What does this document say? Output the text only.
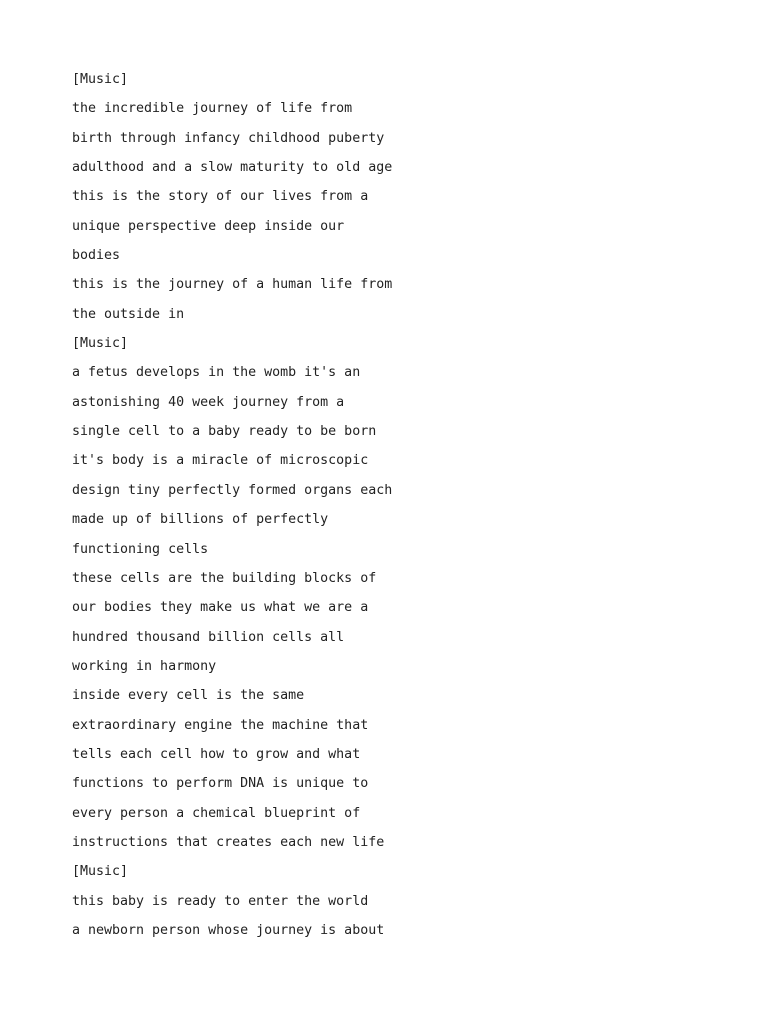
[Music]

the incredible journey of life from

birth through infancy childhood puberty

adulthood and a slow maturity to old age

this is the story of our lives from a

unique perspective deep inside our

bodies

this is the journey of a human life from

the outside in

[Music]

a fetus develops in the womb it's an

astonishing 40 week journey from a

single cell to a baby ready to be born

it's body is a miracle of microscopic

design tiny perfectly formed organs each

made up of billions of perfectly

functioning cells

these cells are the building blocks of

our bodies they make us what we are a

hundred thousand billion cells all

working in harmony

inside every cell is the same

extraordinary engine the machine that

tells each cell how to grow and what

functions to perform DNA is unique to

every person a chemical blueprint of

instructions that creates each new life

[Music]

this baby is ready to enter the world

a newborn person whose journey is about
